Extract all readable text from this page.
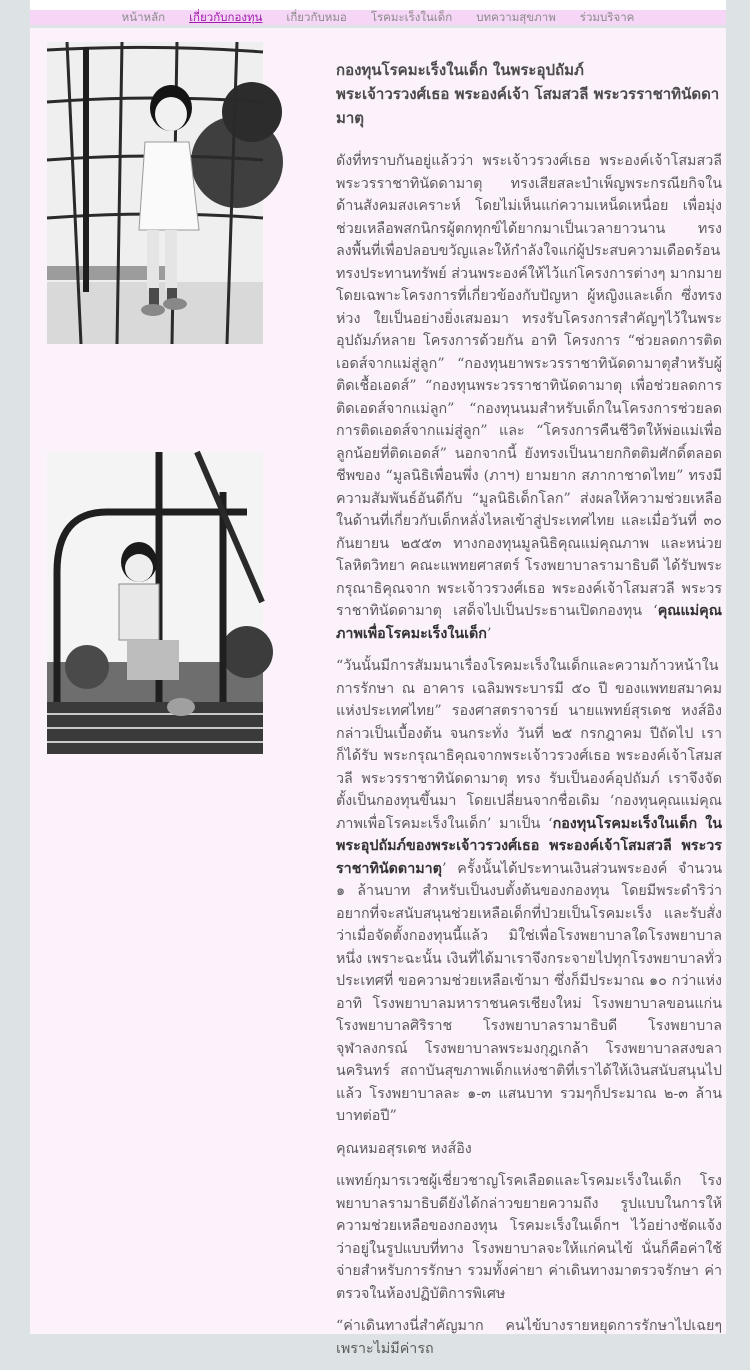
หน้าหลัก เกี่ยวกับกองทุน เกี่ยวกับหมอ โรคมะเร็งในเด็ก บทความสุขภาพ ร่วมบริจาค
กองทุนโรคมะเร็งในเด็ก ในพระอุปถัมภ์
พระเจ้าวรวงศ์เธอ พระองค์เจ้า โสมสวลี พระวรราชาทินัดดามาตุ

ดังที่ทราบกันอยู่แล้วว่า พระเจ้าวรวงศ์เธอ พระองค์เจ้าโสมสวลี พระวรราชาทินัดดามาตุ ทรงเสียสละบำเพ็ญพระกรณียกิจในด้านสังคมสงเคราะห์ โดยไม่เห็นแก่ความเหน็ดเหนื่อย เพื่อมุ่งช่วยเหลือพสกนิกรผู้ตกทุกข์ได้ยากมาเป็นเวลายาวนาน ทรงลงพื้นที่เพื่อปลอบขวัญและให้กำลังใจแก่ผู้ประสบความเดือดร้อน ทรงประทานทรัพย์ ส่วนพระองค์ให้ไว้แก่โครงการต่างๆ มากมาย โดยเฉพาะโครงการที่เกี่ยวข้องกับปัญหา ผู้หญิงและเด็ก ซึ่งทรงห่วง ใยเป็นอย่างยิ่งเสมอมา ทรงรับโครงการสำคัญๆไว้ในพระอุปถัมภ์หลาย โครงการด้วยกัน อาทิ โครงการ “ช่วยลดการติดเอดส์จากแม่สู่ลูก” “กองทุนยาพระวรราชาทินัดดามาตุสำหรับผู้ติดเชื้อเอดส์” “กองทุนพระวรราชาทินัดดามาตุ เพื่อช่วยลดการติดเอดส์จากแม่ลูก” “กองทุนนมสำหรับเด็กในโครงการช่วยลดการติดเอดส์จากแม่สู่ลูก” และ “โครงการคืนชีวิตให้พ่อแม่เพื่อลูกน้อยที่ติดเอดส์” นอกจากนี้ ยังทรงเป็นนายกกิตติมศักดิ์ตลอดชีพของ “มูลนิธิเพื่อนพึ่ง (ภาฯ) ยามยาก สภากาชาดไทย” ทรงมีความสัมพันธ์อันดีกับ “มูลนิธิเด็กโลก” ส่งผลให้ความช่วยเหลือในด้านที่เกี่ยวกับเด็กหลั่งไหลเข้าสู่ประเทศไทย และเมื่อวันที่ ๓๐ กันยายน ๒๕๕๓ ทางกองทุนมูลนิธิคุณแม่คุณภาพ และหน่วยโลหิตวิทยา คณะแพทยศาสตร์ โรงพยาบาลรามาธิบดี ได้รับพระกรุณาธิคุณจาก พระเจ้าวรวงศ์เธอ พระองค์เจ้าโสมสวลี พระวรราชาทินัดดามาตุ เสด็จไปเป็นประธานเปิดกองทุน ‘คุณแม่คุณภาพเพื่อโรคมะเร็งในเด็ก’

“วันนั้นมีการสัมมนาเรื่องโรคมะเร็งในเด็กและความก้าวหน้าในการรักษา ณ อาคาร เฉลิมพระบารมี ๕๐ ปี ของแพทยสมาคมแห่งประเทศไทย” รองศาสตราจารย์ นายแพทย์สุรเดช หงส์อิง กล่าวเป็นเบื้องต้น จนกระทั่ง วันที่ ๒๕ กรกฎาคม ปีถัดไป เราก็ได้รับ พระกรุณาธิคุณจากพระเจ้าวรวงศ์เธอ พระองค์เจ้าโสมสวลี พระวรราชาทินัดดามาตุ ทรง รับเป็นองค์อุปถัมภ์ เราจึงจัดตั้งเป็นกองทุนขึ้นมา โดยเปลี่ยนจากชื่อเดิม ‘กองทุนคุณแม่คุณภาพเพื่อโรคมะเร็งในเด็ก’ มาเป็น ‘กองทุนโรคมะเร็งในเด็ก ในพระอุปถัมภ์ของพระเจ้าวรวงศ์เธอ พระองค์เจ้าโสมสวลี พระวรราชาทินัดดามาตุ’ ครั้งนั้นได้ประทานเงินส่วนพระองค์ จำนวน ๑ ล้านบาท สำหรับเป็นงบตั้งต้นของกองทุน โดยมีพระดำริว่า อยากที่จะสนับสนุนช่วยเหลือเด็กที่ป่วยเป็นโรคมะเร็ง และรับสั่งว่าเมื่อจัดตั้งกองทุนนี้แล้ว มิใช่เพื่อโรงพยาบาลใดโรงพยาบาลหนึ่ง เพราะฉะนั้น เงินที่ได้มาเราจึงกระจายไปทุกโรงพยาบาลทั่วประเทศที่ ขอความช่วยเหลือเข้ามา ซึ่งก็มีประมาณ ๑๐ กว่าแห่งอาทิ โรงพยาบาลมหาราชนครเชียงใหม่ โรงพยาบาลขอนแก่น โรงพยาบาลศิริราช โรงพยาบาลรามาธิบดี โรงพยาบาลจุฬาลงกรณ์ โรงพยาบาลพระมงกุฎเกล้า โรงพยาบาลสงขลานครินทร์ สถาบันสุขภาพเด็กแห่งชาติที่เราได้ให้เงินสนับสนุนไปแล้ว โรงพยาบาลละ ๑-๓ แสนบาท รวมๆก็ประมาณ ๒-๓ ล้านบาทต่อปี”

คุณหมอสุรเดช หงส์อิง

แพทย์กุมารเวชผู้เชี่ยวชาญโรคเลือดและโรคมะเร็งในเด็ก โรงพยาบาลรามาธิบดียังได้กล่าวขยายความถึง รูปแบบในการให้ความช่วยเหลือของกองทุน โรคมะเร็งในเด็กฯ ไว้อย่างชัดแจ้งว่าอยู่ในรูปแบบที่ทาง โรงพยาบาลจะให้แก่คนไข้ นั่นก็คือค่าใช้จ่ายสำหรับการรักษา รวมทั้งค่ายา ค่าเดินทางมาตรวจรักษา ค่าตรวจในห้องปฏิบัติการพิเศษ

“ค่าเดินทางนี่สำคัญมาก คนไข้บางรายหยุดการรักษาไปเฉยๆ เพราะไม่มีค่ารถ
